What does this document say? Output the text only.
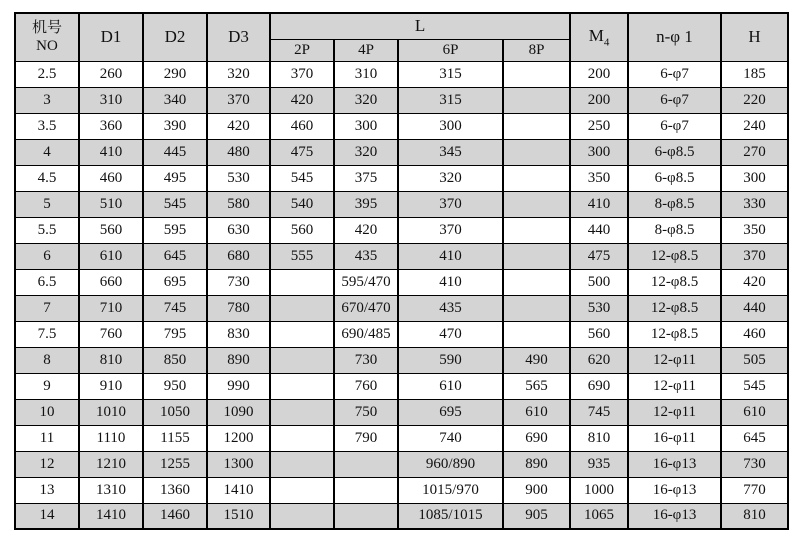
机号
NO	D1	D2	D3	L				$M_4$	n-φ 1	H
				2P	4P	6P	8P			
2.5	260	290	320	370	310	315		200	6-φ7	185
3	310	340	370	420	320	315		200	6-φ7	220
3.5	360	390	420	460	300	300		250	6-φ7	240
4	410	445	480	475	320	345		300	6-φ8.5	270
4.5	460	495	530	545	375	320		350	6-φ8.5	300
5	510	545	580	540	395	370		410	8-φ8.5	330
5.5	560	595	630	560	420	370		440	8-φ8.5	350
6	610	645	680	555	435	410		475	12-φ8.5	370
6.5	660	695	730		595/470	410		500	12-φ8.5	420
7	710	745	780		670/470	435		530	12-φ8.5	440
7.5	760	795	830		690/485	470		560	12-φ8.5	460
8	810	850	890		730	590	490	620	12-φ11	505
9	910	950	990		760	610	565	690	12-φ11	545
10	1010	1050	1090		750	695	610	745	12-φ11	610
11	1110	1155	1200		790	740	690	810	16-φ11	645
12	1210	1255	1300			960/890	890	935	16-φ13	730
13	1310	1360	1410			1015/970	900	1000	16-φ13	770
14	1410	1460	1510			1085/1015	905	1065	16-φ13	810
